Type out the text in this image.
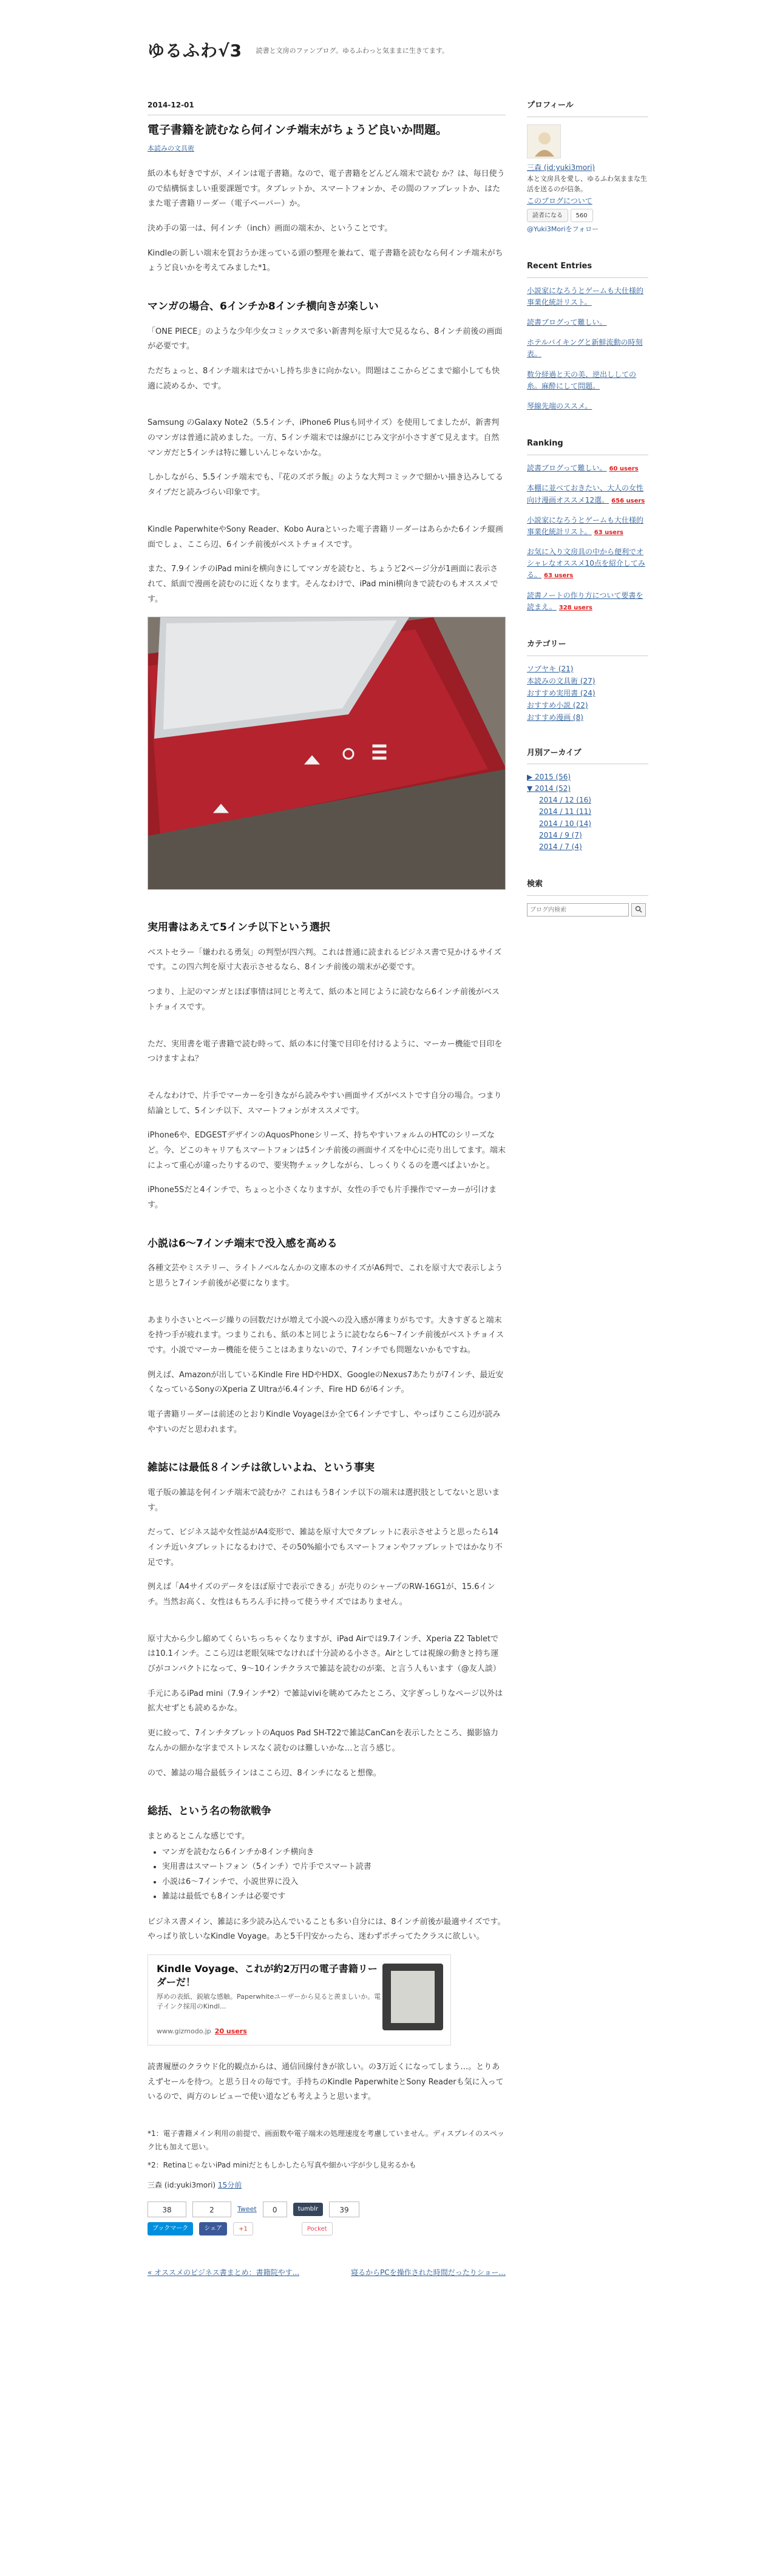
ゆるふわ√3 読書と文房のファンブログ。ゆるふわっと気ままに生きてます。
2014-12-01
電子書籍を読むなら何インチ端末がちょうど良いか問題。
本読みの文具術
紙の本も好きですが、メインは電子書籍。なので、電子書籍をどんどん端末で読む か？は、毎日使うので結構悩ましい重要課題です。タブレットか、スマートフォンか、その間のファブレットか、はたまた電子書籍リーダー（電子ペーパー）か。
決め手の第一は、何インチ（inch）画面の端末か、ということです。
Kindleの新しい端末を買おうか迷っている頭の整理を兼ねて、電子書籍を読むなら何インチ端末がちょうど良いかを考えてみました*1。
マンガの場合、6インチか8インチ横向きが楽しい
「ONE PIECE」のような少年少女コミックスで多い新書判を原寸大で見るなら、8インチ前後の画面が必要です。
ただちょっと、8インチ端末はでかいし持ち歩きに向かない。問題はここからどこまで縮小しても快適に読めるか、です。
Samsung のGalaxy Note2（5.5インチ、iPhone6 Plusも同サイズ）を使用してましたが、新書判のマンガは普通に読めました。一方、5インチ端末では線がにじみ文字が小さすぎて見えます。自然マンガだと5インチは特に難しいんじゃないかな。
しかしながら、5.5インチ端末でも、『花のズボラ飯』のような大判コミックで細かい描き込みしてるタイプだと読みづらい印象です。
Kindle PaperwhiteやSony Reader、Kobo Auraといった電子書籍リーダーはあらかた6インチ縦画面でしょ、ここら辺、6インチ前後がベストチョイスです。
また、7.9インチのiPad miniを横向きにしてマンガを読むと、ちょうど2ページ分が1画面に表示されて、紙面で漫画を読むのに近くなります。そんなわけで、iPad mini横向きで読むのもオススメです。
実用書はあえて5インチ以下という選択
ベストセラー「嫌われる勇気」の判型が四六判。これは普通に読まれるビジネス書で見かけるサイズです。この四六判を原寸大表示させるなら、8インチ前後の端末が必要です。
つまり、上記のマンガとほぼ事情は同じと考えて、紙の本と同じように読むなら6インチ前後がベストチョイスです。
ただ、実用書を電子書籍で読む時って、紙の本に付箋で目印を付けるように、マーカー機能で目印をつけますよね？
そんなわけで、片手でマーカーを引きながら読みやすい画面サイズがベストです自分の場合。つまり結論として、5インチ以下、スマートフォンがオススメです。
iPhone6や、EDGESTデザインのAquosPhoneシリーズ、持ちやすいフォルムのHTCのシリーズなど。今、どこのキャリアもスマートフォンは5インチ前後の画面サイズを中心に売り出してます。端末によって重心が違ったりするので、要実物チェックしながら、しっくりくるのを選べばよいかと。
iPhone5Sだと4インチで、ちょっと小さくなりますが、女性の手でも片手操作でマーカーが引けます。
小説は6〜7インチ端末で没入感を高める
各種文芸やミステリー、ライトノベルなんかの文庫本のサイズがA6判で、これを原寸大で表示しようと思うと7インチ前後が必要になります。
あまり小さいとページ繰りの回数だけが増えて小説への没入感が薄まりがちです。大きすぎると端末を持つ手が疲れます。つまりこれも、紙の本と同じように読むなら6〜7インチ前後がベストチョイスです。小説でマーカー機能を使うことはあまりないので、7インチでも問題ないかもですね。
例えば、Amazonが出しているKindle Fire HDやHDX、GoogleのNexus7あたりが7インチ、最近安くなっているSonyのXperia Z Ultraが6.4インチ、Fire HD 6が6インチ。
電子書籍リーダーは前述のとおりKindle Voyageほか全て6インチですし、やっぱりここら辺が読みやすいのだと思われます。
雑誌には最低８インチは欲しいよね、という事実
電子版の雑誌を何インチ端末で読むか？これはもう8インチ以下の端末は選択肢としてないと思います。
だって、ビジネス誌や女性誌がA4変形で、雑誌を原寸大でタブレットに表示させようと思ったら14インチ近いタブレットになるわけで、その50%縮小でもスマートフォンやファブレットではかなり不足です。
例えば「A4サイズのデータをほぼ原寸で表示できる」が売りのシャープのRW-16G1が、15.6インチ。当然お高く、女性はもちろん手に持って使うサイズではありません。
原寸大から少し縮めてくらいちっちゃくなりますが、iPad Airでは9.7インチ、Xperia Z2 Tabletでは10.1インチ。ここら辺は老眼気味でなければ十分読める小ささ。Airとしては視線の動きと持ち運びがコンパクトになって、9〜10インチクラスで雑誌を読むのが楽、と言う人もいます（@友人談）
手元にあるiPad mini（7.9インチ*2）で雑誌viviを眺めてみたところ、文字ぎっしりなページ以外は拡大せずとも読めるかな。
更に絞って、7インチタブレットのAquos Pad SH-T22で雑誌CanCanを表示したところ、撮影協力なんかの細かな字までストレスなく読むのは難しいかな…と言う感じ。
ので、雑誌の場合最低ラインはここら辺、8インチになると想像。
総括、という名の物欲戦争
まとめるとこんな感じです。
• マンガを読むなら6インチか8インチ横向き
• 実用書はスマートフォン（5インチ）で片手でスマート読書
• 小説は6〜7インチで、小説世界に没入
• 雑誌は最低でも8インチは必要です
ビジネス書メイン、雑誌に多少読み込んでいることも多い自分には、8インチ前後が最適サイズです。やっぱり欲しいなKindle Voyage。あと5千円安かったら、迷わずポチってたクラスに欲しい。
Kindle Voyage、これが約2万円の電子書籍リーダーだ！
厚めの表紙、鋭敏な感触。Paperwhiteユーザーから見ると羨ましいか。電子インク採用のKindl...
www.gizmodo.jp 20 users
読書履歴のクラウド化的観点からは、通信回線付きが欲しい。の3万近くになってしまう…。とりあえずセールを待つ。と思う日々の毎です。手持ちのKindle PaperwhiteとSony Readerも気に入っているので、両方のレビューで使い道なども考えようと思います。
*1：電子書籍メイン利用の前提で、画面数や電子端末の処理速度を考慮していません。ディスプレイのスペック比も加えて思い。
*2：RetinaじゃないiPad miniだともしかしたら写真や細かい字が少し見劣るかも
三森 (id:yuki3mori) 15分前
38	2	Tweet	0	tumblr	39
ブックマーク	シェア	+1	Pocket
« オススメのビジネス書まとめ：書籍院やす...	寝るからPCを操作された時間だったりショー...
プロフィール
三森 (id:yuki3mori)
本と文房具を愛し、ゆるふわ気ままな生活を送るのが信条。
このブログについて
読者になる 560
@Yuki3Moriをフォロー
Recent Entries
小説家になろうとゲームも大仕様的事業化統計リスト。
読書ブログって難しい。
ホテルバイキングと新鮮流動の時刻表。
数分経過と天の美、逆出ししての糸。麻酔にして問題。
琴線先端のススメ。
Ranking
読書ブログって難しい。 60 users
本棚に並べておきたい、大人の女性向け漫画オススメ12選。 656 users
小説家になろうとゲームも大仕様的事業化統計リスト。 63 users
お気に入り文房具の中から便利でオシャレなオススメ10点を紹介してみる。 63 users
読書ノートの作り方について要書を読まえ。 328 users
カテゴリー
ソブヤキ (21)
本読みの文具術 (27)
おすすめ実用書 (24)
おすすめ小説 (22)
おすすめ漫画 (8)
月別アーカイブ
▶ 2015 (56)
▼ 2014 (52)
2014 / 12 (16)
2014 / 11 (11)
2014 / 10 (14)
2014 / 9 (7)
2014 / 7 (4)
検索
ブログ内検索
